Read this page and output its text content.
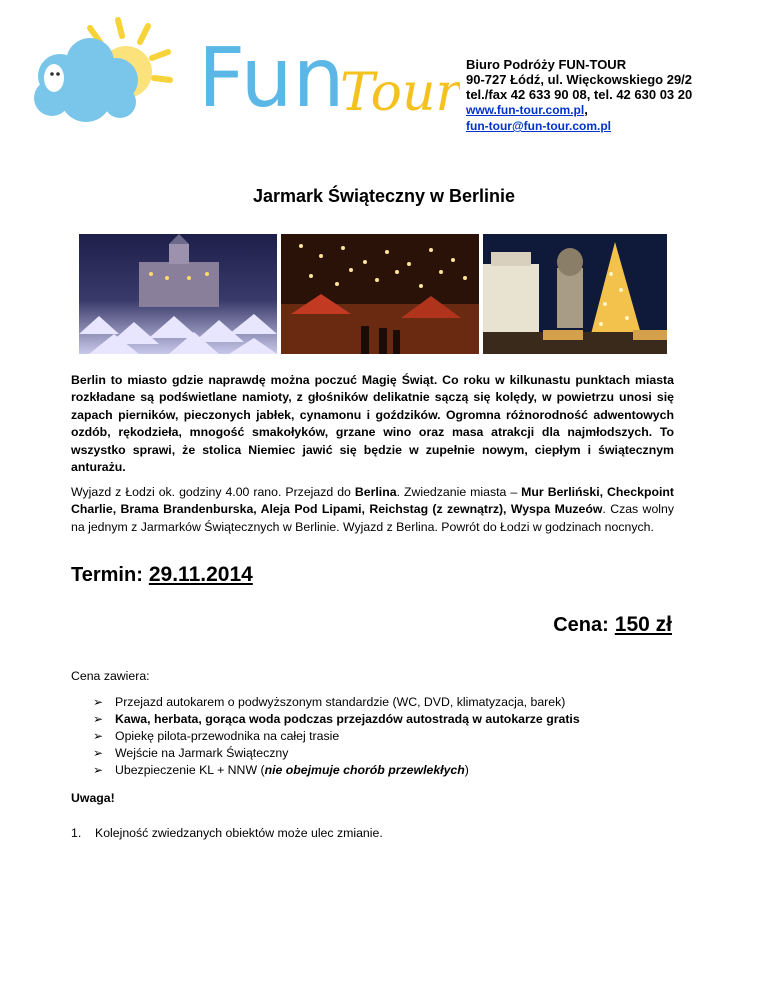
Fun
Tour Biuro Podróży FUN-TOUR
90-727 Łódź, ul. Więckowskiego 29/2
tel./fax 42 633 90 08, tel. 42 630 03 20
www.fun-tour.com.pl,
fun-tour@fun-tour.com.pl
Jarmark Świąteczny w Berlinie
Berlin to miasto gdzie naprawdę można poczuć Magię Świąt. Co roku w kilkunastu punktach miasta rozkładane są podświetlane namioty, z głośników delikatnie sączą się kolędy, w powietrzu unosi się zapach pierników, pieczonych jabłek, cynamonu i goździków. Ogromna różnorodność adwentowych ozdób, rękodzieła, mnogość smakołyków, grzane wino oraz masa atrakcji dla najmłodszych. To wszystko sprawi, że stolica Niemiec jawić się będzie w zupełnie nowym, ciepłym i świątecznym anturażu.
Wyjazd z Łodzi ok. godziny 4.00 rano. Przejazd do Berlina. Zwiedzanie miasta – Mur Berliński, Checkpoint Charlie, Brama Brandenburska, Aleja Pod Lipami, Reichstag (z zewnątrz), Wyspa Muzeów. Czas wolny na jednym z Jarmarków Świątecznych w Berlinie. Wyjazd z Berlina. Powrót do Łodzi w godzinach nocnych.
Termin: 29.11.2014
Cena: 150 zł
Cena zawiera:
➢ Przejazd autokarem o podwyższonym standardzie (WC, DVD, klimatyzacja, barek)
➢ Kawa, herbata, gorąca woda podczas przejazdów autostradą w autokarze gratis
➢ Opiekę pilota-przewodnika na całej trasie
➢ Wejście na Jarmark Świąteczny
➢ Ubezpieczenie KL + NNW (nie obejmuje chorób przewlekłych)
Uwaga!
1. Kolejność zwiedzanych obiektów może ulec zmianie.
